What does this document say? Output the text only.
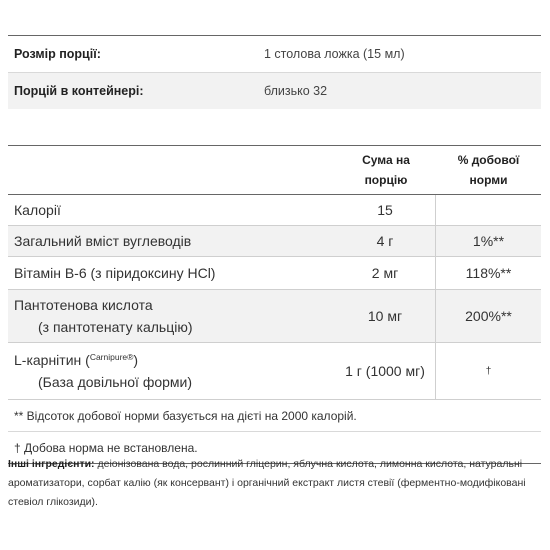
Розмір порції:	1 столова ложка (15 мл)
Порцій в контейнері:	близько 32
Сума на
порцію
% добової
норми
Калорії	15
Загальний вміст вуглеводів	4 г	1%**
Вітамін B-6 (з піридоксину HCl)	2 мг	118%**
Пантотенова кислота
(з пантотенату кальцію)
10 мг	200%**
L-карнітин ($^{Carnipure®}$)
(База довільної форми)
1 г (1000 мг)	†
** Відсоток добової норми базується на дієті на 2000 калорій.
† Добова норма не встановлена.
Інші інгредієнти: деіонізована вода, рослинний гліцерин, яблучна кислота, лимонна кислота, натуральні ароматизатори, сорбат калію (як консервант) і органічний екстракт листя стевії (ферментно-модифіковані стевіол глікозиди).
